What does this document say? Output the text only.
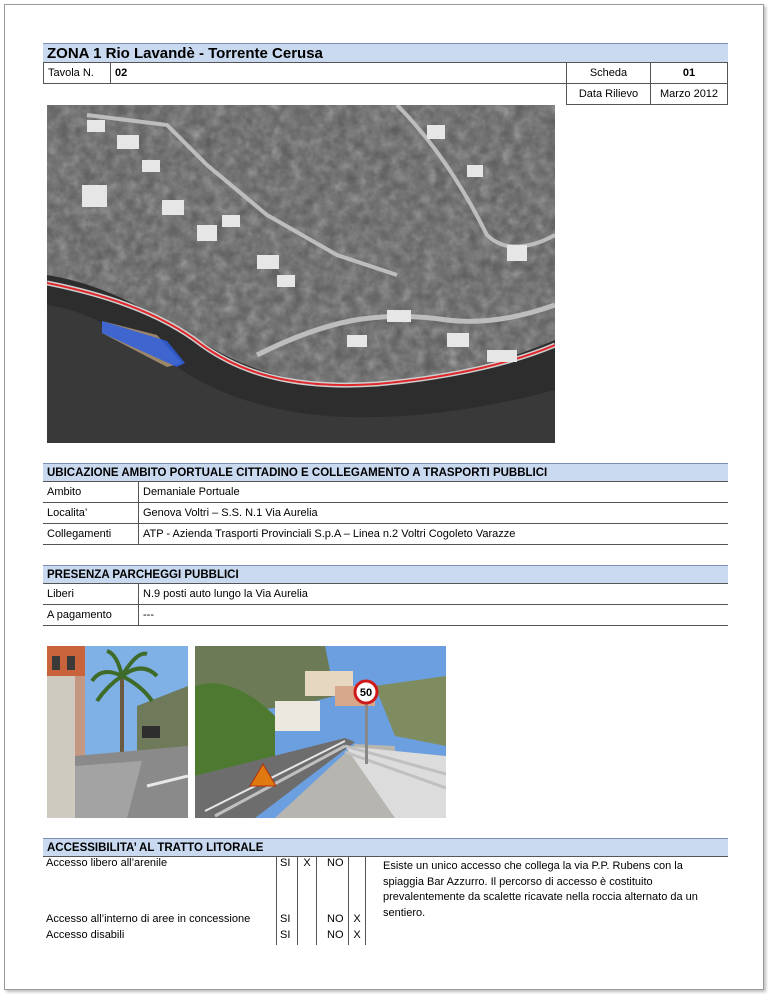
ZONA 1 Rio Lavandè - Torrente Cerusa
Tavola N.	02	Scheda	01
		Data Rilievo	Marzo 2012
UBICAZIONE AMBITO PORTUALE CITTADINO E COLLEGAMENTO A TRASPORTI PUBBLICI
Ambito	Demaniale Portuale
Localita’	Genova Voltri – S.S. N.1 Via Aurelia
Collegamenti	ATP - Azienda Trasporti Provinciali S.p.A – Linea n.2 Voltri Cogoleto Varazze
PRESENZA PARCHEGGI PUBBLICI
Liberi	N.9 posti auto lungo la Via Aurelia
A pagamento	---
50
ACCESSIBILITA’ AL TRATTO LITORALE
Accesso libero all’arenile	SI	X	NO		
Accesso all’interno di aree in concessione	SI		NO	X	
Accesso disabili	SI		NO	X	
Esiste un unico accesso che collega la via P.P. Rubens con la spiaggia Bar Azzurro. Il percorso di accesso è costituito prevalentemente da scalette ricavate nella roccia alternato da un sentiero.
